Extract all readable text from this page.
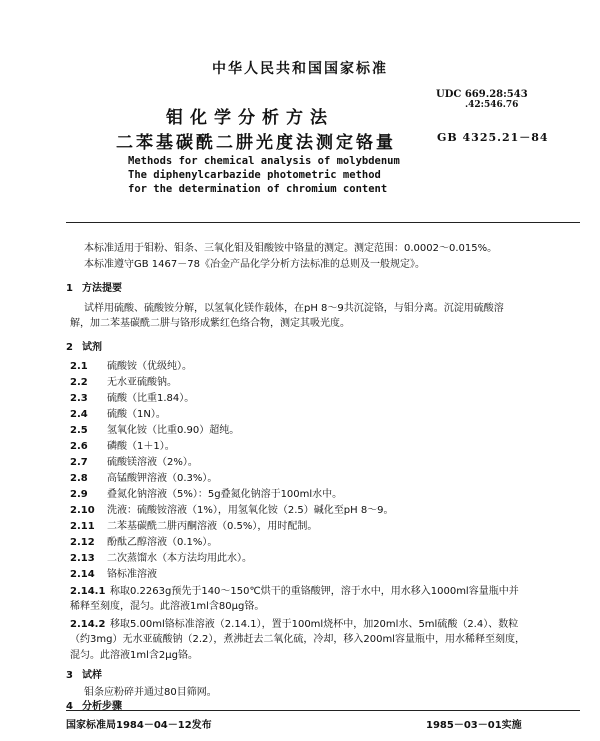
中华人民共和国国家标准
钼化学分析方法
二苯基碳酰二肼光度法测定铬量
UDC 669.28:543
.42:546.76
GB 4325.21－84
Methods for chemical analysis of molybdenum
The diphenylcarbazide photometric method
for the determination of chromium content
本标准适用于钼粉、钼条、三氧化钼及钼酸铵中铬量的测定。测定范围：0.0002～0.015%。
本标准遵守GB 1467－78《冶金产品化学分析方法标准的总则及一般规定》。
1 方法提要
试样用硫酸、硫酸铵分解，以氢氧化镁作载体，在pH 8～9共沉淀铬，与钼分离。沉淀用硫酸溶
解，加二苯基碳酰二肼与铬形成紫红色络合物，测定其吸光度。
2 试剂
2.1 硫酸铵（优级纯）。
2.2 无水亚硫酸钠。
2.3 硫酸（比重1.84）。
2.4 硫酸（1N）。
2.5 氢氧化铵（比重0.90）超纯。
2.6 磷酸（1＋1）。
2.7 硫酸镁溶液（2%）。
2.8 高锰酸钾溶液（0.3%）。
2.9 叠氮化钠溶液（5%）：5g叠氮化钠溶于100ml水中。
2.10 洗液：硫酸铵溶液（1%），用氢氧化铵（2.5）碱化至pH 8～9。
2.11 二苯基碳酰二肼丙酮溶液（0.5%），用时配制。
2.12 酚酞乙醇溶液（0.1%）。
2.13 二次蒸馏水（本方法均用此水）。
2.14 铬标准溶液
2.14.1 称取0.2263g预先于140～150℃烘干的重铬酸钾，溶于水中，用水移入1000ml容量瓶中并
稀释至刻度，混匀。此溶液1ml含80μg铬。
2.14.2 移取5.00ml铬标准溶液（2.14.1），置于100ml烧杯中，加20ml水、5ml硫酸（2.4）、数粒
（约3mg）无水亚硫酸钠（2.2），煮沸赶去二氧化硫，冷却，移入200ml容量瓶中，用水稀释至刻度，
混匀。此溶液1ml含2μg铬。
3 试样
钼条应粉碎并通过80目筛网。
4 分析步骤
国家标准局1984－04－12发布	1985－03－01实施
